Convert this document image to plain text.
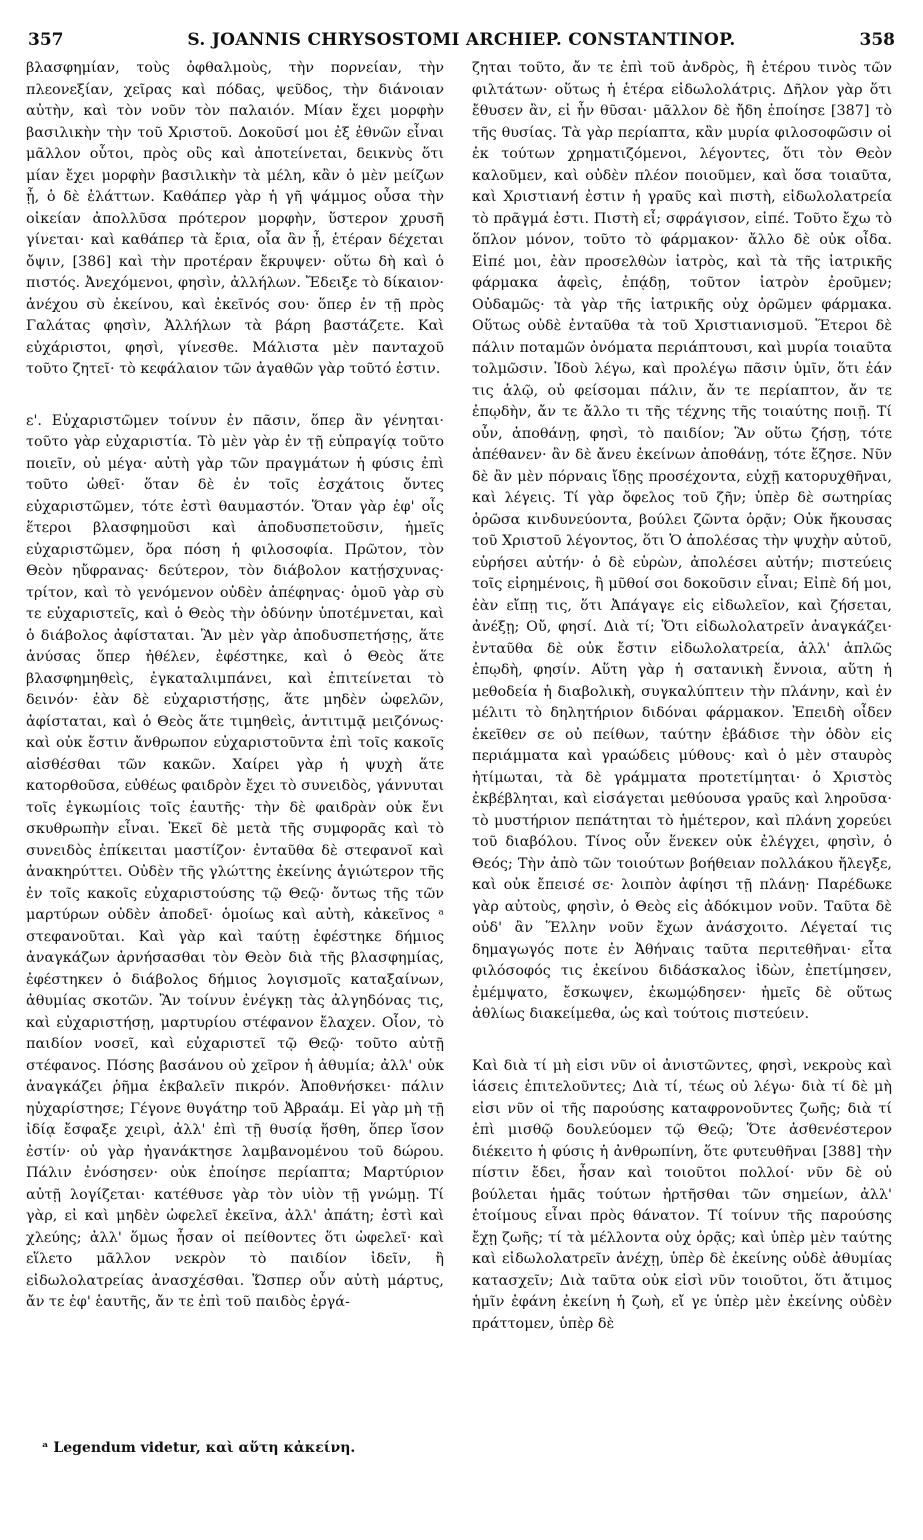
357	S. JOANNIS CHRYSOSTOMI ARCHIEP. CONSTANTINOP.	358

βλασφημίαν, τοὺς ὀφθαλμοὺς, τὴν πορνείαν, τὴν πλεονεξίαν, χεῖρας καὶ πόδας, ψεῦδος, τὴν διάνοιαν αὐτὴν, καὶ τὸν νοῦν τὸν παλαιόν. Μίαν ἔχει μορφὴν βασιλικὴν τὴν τοῦ Χριστοῦ. Δοκοῦσί μοι ἐξ ἐθνῶν εἶναι μᾶλλον οὗτοι, πρὸς οὓς καὶ ἀποτείνεται, δεικνὺς ὅτι μίαν ἔχει μορφὴν βασιλικὴν τὰ μέλη, κἂν ὁ μὲν μείζων ᾖ, ὁ δὲ ἐλάττων. Καθάπερ γὰρ ἡ γῆ ψάμμος οὖσα τὴν οἰκείαν ἀπολλῦσα πρότερον μορφὴν, ὕστερον χρυσῆ γίνεται· καὶ καθάπερ τὰ ἔρια, οἷα ἂν ᾖ, ἑτέραν δέχεται ὄψιν, [386] καὶ τὴν προτέραν ἔκρυψεν· οὕτω δὴ καὶ ὁ πιστός. Ἀνεχόμενοι, φησὶν, ἀλλήλων. Ἔδειξε τὸ δίκαιον· ἀνέχου σὺ ἐκείνου, καὶ ἐκεῖνός σου· ὅπερ ἐν τῇ πρὸς Γαλάτας φησὶν, Ἀλλήλων τὰ βάρη βαστάζετε. Καὶ εὐχάριστοι, φησὶ, γίνεσθε. Μάλιστα μὲν πανταχοῦ τοῦτο ζητεῖ· τὸ κεφάλαιον τῶν ἀγαθῶν γὰρ τοῦτό ἐστιν.

ε'. Εὐχαριστῶμεν τοίνυν ἐν πᾶσιν, ὅπερ ἂν γένηται· τοῦτο γὰρ εὐχαριστία. Τὸ μὲν γὰρ ἐν τῇ εὐπραγίᾳ τοῦτο ποιεῖν, οὐ μέγα· αὐτὴ γὰρ τῶν πραγμάτων ἡ φύσις ἐπὶ τοῦτο ὠθεῖ· ὅταν δὲ ἐν τοῖς ἐσχάτοις ὄντες εὐχαριστῶμεν, τότε ἐστὶ θαυμαστόν. Ὅταν γὰρ ἐφ' οἷς ἕτεροι βλασφημοῦσι καὶ ἀποδυσπετοῦσιν, ἡμεῖς εὐχαριστῶμεν, ὅρα πόση ἡ φιλοσοφία. Πρῶτον, τὸν Θεὸν ηὔφρανας· δεύτερον, τὸν διάβολον κατῄσχυνας· τρίτον, καὶ τὸ γενόμενον οὐδὲν ἀπέφηνας· ὁμοῦ γὰρ σὺ τε εὐχαριστεῖς, καὶ ὁ Θεὸς τὴν ὀδύνην ὑποτέμνεται, καὶ ὁ διάβολος ἀφίσταται. Ἂν μὲν γὰρ ἀποδυσπετήσῃς, ἅτε ἀνύσας ὅπερ ἠθέλεν, ἐφέστηκε, καὶ ὁ Θεὸς ἅτε βλασφημηθεὶς, ἐγκαταλιμπάνει, καὶ ἐπιτείνεται τὸ δεινόν· ἐὰν δὲ εὐχαριστήσῃς, ἅτε μηδὲν ὠφελῶν, ἀφίσταται, καὶ ὁ Θεὸς ἅτε τιμηθεὶς, ἀντιτιμᾷ μειζόνως· καὶ οὐκ ἔστιν ἄνθρωπον εὐχαριστοῦντα ἐπὶ τοῖς κακοῖς αἰσθέσθαι τῶν κακῶν. Χαίρει γὰρ ἡ ψυχὴ ἅτε κατορθοῦσα, εὐθέως φαιδρὸν ἔχει τὸ συνειδὸς, γάννυται τοῖς ἐγκωμίοις τοῖς ἑαυτῆς· τὴν δὲ φαιδρὰν οὐκ ἔνι σκυθρωπὴν εἶναι. Ἐκεῖ δὲ μετὰ τῆς συμφορᾶς καὶ τὸ συνειδὸς ἐπίκειται μαστίζον· ἐνταῦθα δὲ στεφανοῖ καὶ ἀνακηρύττει. Οὐδὲν τῆς γλώττης ἐκείνης ἁγιώτερον τῆς ἐν τοῖς κακοῖς εὐχαριστούσης τῷ Θεῷ· ὄντως τῆς τῶν μαρτύρων οὐδὲν ἀποδεῖ· ὁμοίως καὶ αὐτὴ, κἀκεῖνος ᵃ στεφανοῦται. Καὶ γὰρ καὶ ταύτῃ ἐφέστηκε δήμιος ἀναγκάζων ἀρνήσασθαι τὸν Θεὸν διὰ τῆς βλασφημίας, ἐφέστηκεν ὁ διάβολος δήμιος λογισμοῖς καταξαίνων, ἀθυμίας σκοτῶν. Ἂν τοίνυν ἐνέγκῃ τὰς ἀλγηδόνας τις, καὶ εὐχαριστήσῃ, μαρτυρίου στέφανον ἔλαχεν. Οἷον, τὸ παιδίον νοσεῖ, καὶ εὐχαριστεῖ τῷ Θεῷ· τοῦτο αὐτῇ στέφανος. Πόσης βασάνου οὐ χεῖρον ἡ ἀθυμία; ἀλλ' οὐκ ἀναγκάζει ῥῆμα ἐκβαλεῖν πικρόν. Ἀποθνήσκει· πάλιν ηὐχαρίστησε; Γέγονε θυγάτηρ τοῦ Ἀβραάμ. Εἰ γὰρ μὴ τῇ ἰδίᾳ ἔσφαξε χειρὶ, ἀλλ' ἐπὶ τῇ θυσίᾳ ἥσθη, ὅπερ ἴσον ἐστίν· οὐ γὰρ ἠγανάκτησε λαμβανομένου τοῦ δώρου. Πάλιν ἐνόσησεν· οὐκ ἐποίησε περίαπτα; Μαρτύριον αὐτῇ λογίζεται· κατέθυσε γὰρ τὸν υἱὸν τῇ γνώμῃ. Τί γὰρ, εἰ καὶ μηδὲν ὠφελεῖ ἐκεῖνα, ἀλλ' ἀπάτη; ἐστὶ καὶ χλεύης; ἀλλ' ὅμως ἦσαν οἱ πείθοντες ὅτι ὠφελεῖ· καὶ εἵλετο μᾶλλον νεκρὸν τὸ παιδίον ἰδεῖν, ἢ εἰδωλολατρείας ἀνασχέσθαι. Ὥσπερ οὖν αὐτὴ μάρτυς, ἄν τε ἐφ' ἑαυτῆς, ἄν τε ἐπὶ τοῦ παιδὸς ἐργά-

ζηται τοῦτο, ἄν τε ἐπὶ τοῦ ἀνδρὸς, ἢ ἑτέρου τινὸς τῶν φιλτάτων· οὕτως ἡ ἑτέρα εἰδωλολάτρις. Δῆλον γὰρ ὅτι ἔθυσεν ἂν, εἰ ἦν θῦσαι· μᾶλλον δὲ ἤδη ἐποίησε [387] τὸ τῆς θυσίας. Τὰ γὰρ περίαπτα, κἂν μυρία φιλοσοφῶσιν οἱ ἐκ τούτων χρηματιζόμενοι, λέγοντες, ὅτι τὸν Θεὸν καλοῦμεν, καὶ οὐδὲν πλέον ποιοῦμεν, καὶ ὅσα τοιαῦτα, καὶ Χριστιανή ἐστιν ἡ γραῦς καὶ πιστὴ, εἰδωλολατρεία τὸ πρᾶγμά ἐστι. Πιστὴ εἶ; σφράγισον, εἰπέ. Τοῦτο ἔχω τὸ ὅπλον μόνον, τοῦτο τὸ φάρμακον· ἄλλο δὲ οὐκ οἶδα. Εἰπέ μοι, ἐὰν προσελθὼν ἰατρὸς, καὶ τὰ τῆς ἰατρικῆς φάρμακα ἀφεὶς, ἐπᾴδῃ, τοῦτον ἰατρὸν ἐροῦμεν; Οὐδαμῶς· τὰ γὰρ τῆς ἰατρικῆς οὐχ ὁρῶμεν φάρμακα. Οὕτως οὐδὲ ἐνταῦθα τὰ τοῦ Χριστιανισμοῦ. Ἕτεροι δὲ πάλιν ποταμῶν ὀνόματα περιάπτουσι, καὶ μυρία τοιαῦτα τολμῶσιν. Ἰδοὺ λέγω, καὶ προλέγω πᾶσιν ὑμῖν, ὅτι ἐάν τις ἁλῷ, οὐ φείσομαι πάλιν, ἄν τε περίαπτον, ἄν τε ἐπῳδὴν, ἄν τε ἄλλο τι τῆς τέχνης τῆς τοιαύτης ποιῇ. Τί οὖν, ἀποθάνῃ, φησὶ, τὸ παιδίον; Ἂν οὕτω ζήσῃ, τότε ἀπέθανεν· ἂν δὲ ἄνευ ἐκείνων ἀποθάνῃ, τότε ἔζησε. Νῦν δὲ ἂν μὲν πόρναις ἴδῃς προσέχοντα, εὐχῇ κατορυχθῆναι, καὶ λέγεις. Τί γὰρ ὄφελος τοῦ ζῆν; ὑπὲρ δὲ σωτηρίας ὁρῶσα κινδυνεύοντα, βούλει ζῶντα ὁρᾷν; Οὐκ ἤκουσας τοῦ Χριστοῦ λέγοντος, ὅτι Ὁ ἀπολέσας τὴν ψυχὴν αὐτοῦ, εὑρήσει αὐτήν· ὁ δὲ εὑρὼν, ἀπολέσει αὐτήν; πιστεύεις τοῖς εἰρημένοις, ἢ μῦθοί σοι δοκοῦσιν εἶναι; Εἰπὲ δή μοι, ἐὰν εἴπῃ τις, ὅτι Ἀπάγαγε εἰς εἰδωλεῖον, καὶ ζήσεται, ἀνέξῃ; Οὔ, φησί. Διὰ τί; Ὅτι εἰδωλολατρεῖν ἀναγκάζει· ἐνταῦθα δὲ οὐκ ἔστιν εἰδωλολατρεία, ἀλλ' ἁπλῶς ἐπῳδὴ, φησίν. Αὕτη γὰρ ἡ σατανικὴ ἔννοια, αὕτη ἡ μεθοδεία ἡ διαβολικὴ, συγκαλύπτειν τὴν πλάνην, καὶ ἐν μέλιτι τὸ δηλητήριον διδόναι φάρμακον. Ἐπειδὴ οἶδεν ἐκεῖθεν σε οὐ πείθων, ταύτην ἐβάδισε τὴν ὁδὸν εἰς περιάμματα καὶ γραώδεις μύθους· καὶ ὁ μὲν σταυρὸς ἠτίμωται, τὰ δὲ γράμματα προτετίμηται· ὁ Χριστὸς ἐκβέβληται, καὶ εἰσάγεται μεθύουσα γραῦς καὶ ληροῦσα· τὸ μυστήριον πεπάτηται τὸ ἡμέτερον, καὶ πλάνη χορεύει τοῦ διαβόλου. Τίνος οὖν ἕνεκεν οὐκ ἐλέγχει, φησὶν, ὁ Θεός; Τὴν ἀπὸ τῶν τοιούτων βοήθειαν πολλάκου ἤλεγξε, καὶ οὐκ ἔπεισέ σε· λοιπὸν ἀφίησι τῇ πλάνῃ· Παρέδωκε γὰρ αὐτοὺς, φησὶν, ὁ Θεὸς εἰς ἀδόκιμον νοῦν. Ταῦτα δὲ οὐδ' ἂν Ἕλλην νοῦν ἔχων ἀνάσχοιτο. Λέγεταί τις δημαγωγός ποτε ἐν Ἀθήναις ταῦτα περιτεθῆναι· εἶτα φιλόσοφός τις ἐκείνου διδάσκαλος ἰδὼν, ἐπετίμησεν, ἐμέμψατο, ἔσκωψεν, ἐκωμῴδησεν· ἡμεῖς δὲ οὕτως ἀθλίως διακείμεθα, ὡς καὶ τούτοις πιστεύειν.

Καὶ διὰ τί μὴ εἰσι νῦν οἱ ἀνιστῶντες, φησὶ, νεκροὺς καὶ ἰάσεις ἐπιτελοῦντες; Διὰ τί, τέως οὐ λέγω· διὰ τί δὲ μὴ εἰσι νῦν οἱ τῆς παρούσης καταφρονοῦντες ζωῆς; διὰ τί ἐπὶ μισθῷ δουλεύομεν τῷ Θεῷ; Ὅτε ἀσθενέστερον διέκειτο ἡ φύσις ἡ ἀνθρωπίνη, ὅτε φυτευθῆναι [388] τὴν πίστιν ἔδει, ἦσαν καὶ τοιοῦτοι πολλοί· νῦν δὲ οὐ βούλεται ἡμᾶς τούτων ἠρτῆσθαι τῶν σημείων, ἀλλ' ἑτοίμους εἶναι πρὸς θάνατον. Τί τοίνυν τῆς παρούσης ἔχῃ ζωῆς; τί τὰ μέλλοντα οὐχ ὁρᾷς; καὶ ὑπὲρ μὲν ταύτης καὶ εἰδωλολατρεῖν ἀνέχῃ, ὑπὲρ δὲ ἐκείνης οὐδὲ ἀθυμίας κατασχεῖν; Διὰ ταῦτα οὐκ εἰσὶ νῦν τοιοῦτοι, ὅτι ἄτιμος ἡμῖν ἐφάνη ἐκείνη ἡ ζωὴ, εἴ γε ὑπὲρ μὲν ἐκείνης οὐδὲν πράττομεν, ὑπὲρ δὲ

ᵃ Legendum videtur, καὶ αὕτη κἀκείνη.
